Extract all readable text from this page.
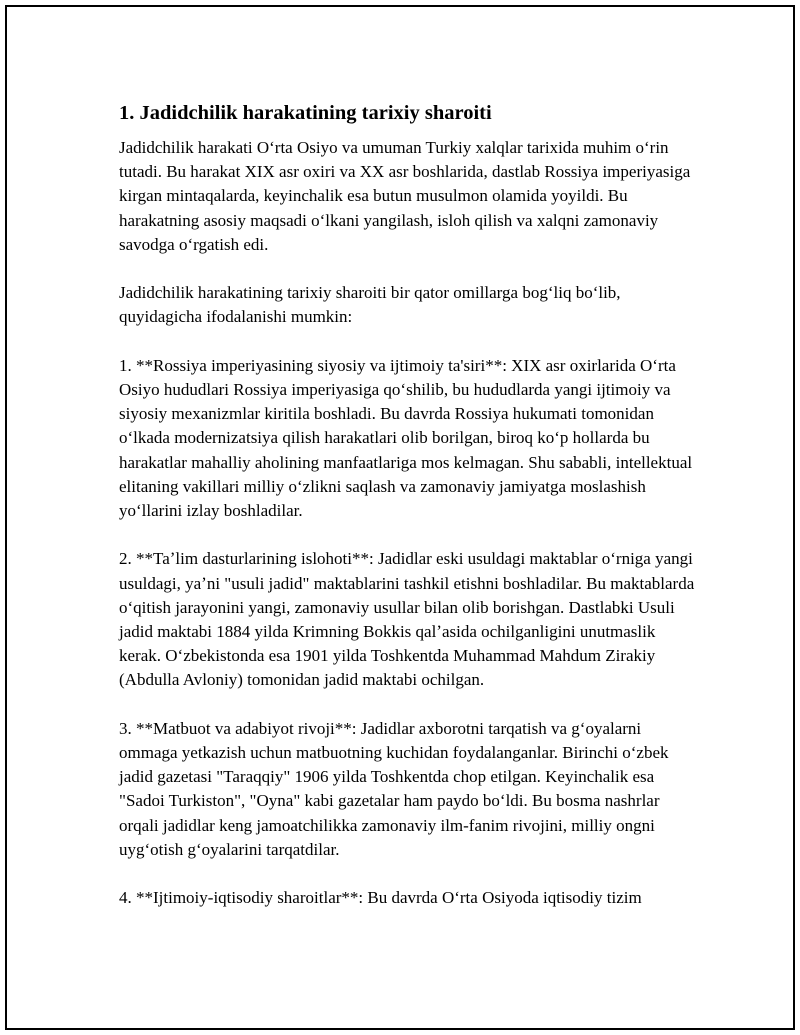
1. Jadidchilik harakatining tarixiy sharoiti

Jadidchilik harakati Oʻrta Osiyo va umuman Turkiy xalqlar tarixida muhim oʻrin tutadi. Bu harakat XIX asr oxiri va XX asr boshlarida, dastlab Rossiya imperiyasiga kirgan mintaqalarda, keyinchalik esa butun musulmon olamida yoyildi. Bu harakatning asosiy maqsadi oʻlkani yangilash, isloh qilish va xalqni zamonaviy savodga oʻrgatish edi.

Jadidchilik harakatining tarixiy sharoiti bir qator omillarga bogʻliq boʻlib, quyidagicha ifodalanishi mumkin:

1. **Rossiya imperiyasining siyosiy va ijtimoiy ta'siri**: XIX asr oxirlarida Oʻrta Osiyo hududlari Rossiya imperiyasiga qoʻshilib, bu hududlarda yangi ijtimoiy va siyosiy mexanizmlar kiritila boshladi. Bu davrda Rossiya hukumati tomonidan oʻlkada modernizatsiya qilish harakatlari olib borilgan, biroq koʻp hollarda bu harakatlar mahalliy aholining manfaatlariga mos kelmagan. Shu sababli, intellektual elitaning vakillari milliy oʻzlikni saqlash va zamonaviy jamiyatga moslashish yoʻllarini izlay boshladilar.

2. **Taʼlim dasturlarining islohoti**: Jadidlar eski usuldagi maktablar oʻrniga yangi usuldagi, yaʼni "usuli jadid" maktablarini tashkil etishni boshladilar. Bu maktablarda oʻqitish jarayonini yangi, zamonaviy usullar bilan olib borishgan. Dastlabki Usuli jadid maktabi 1884 yilda Krimning Bokkis qalʼasida ochilganligini unutmaslik kerak. Oʻzbekistonda esa 1901 yilda Toshkentda Muhammad Mahdum Zirakiy (Abdulla Avloniy) tomonidan jadid maktabi ochilgan.

3. **Matbuot va adabiyot rivoji**: Jadidlar axborotni tarqatish va gʻoyalarni ommaga yetkazish uchun matbuotning kuchidan foydalanganlar. Birinchi oʻzbek jadid gazetasi "Taraqqiy" 1906 yilda Toshkentda chop etilgan. Keyinchalik esa "Sadoi Turkiston", "Oyna" kabi gazetalar ham paydo boʻldi. Bu bosma nashrlar orqali jadidlar keng jamoatchilikka zamonaviy ilm-fanim rivojini, milliy ongni uygʻotish gʻoyalarini tarqatdilar.

4. **Ijtimoiy-iqtisodiy sharoitlar**: Bu davrda Oʻrta Osiyoda iqtisodiy tizim
